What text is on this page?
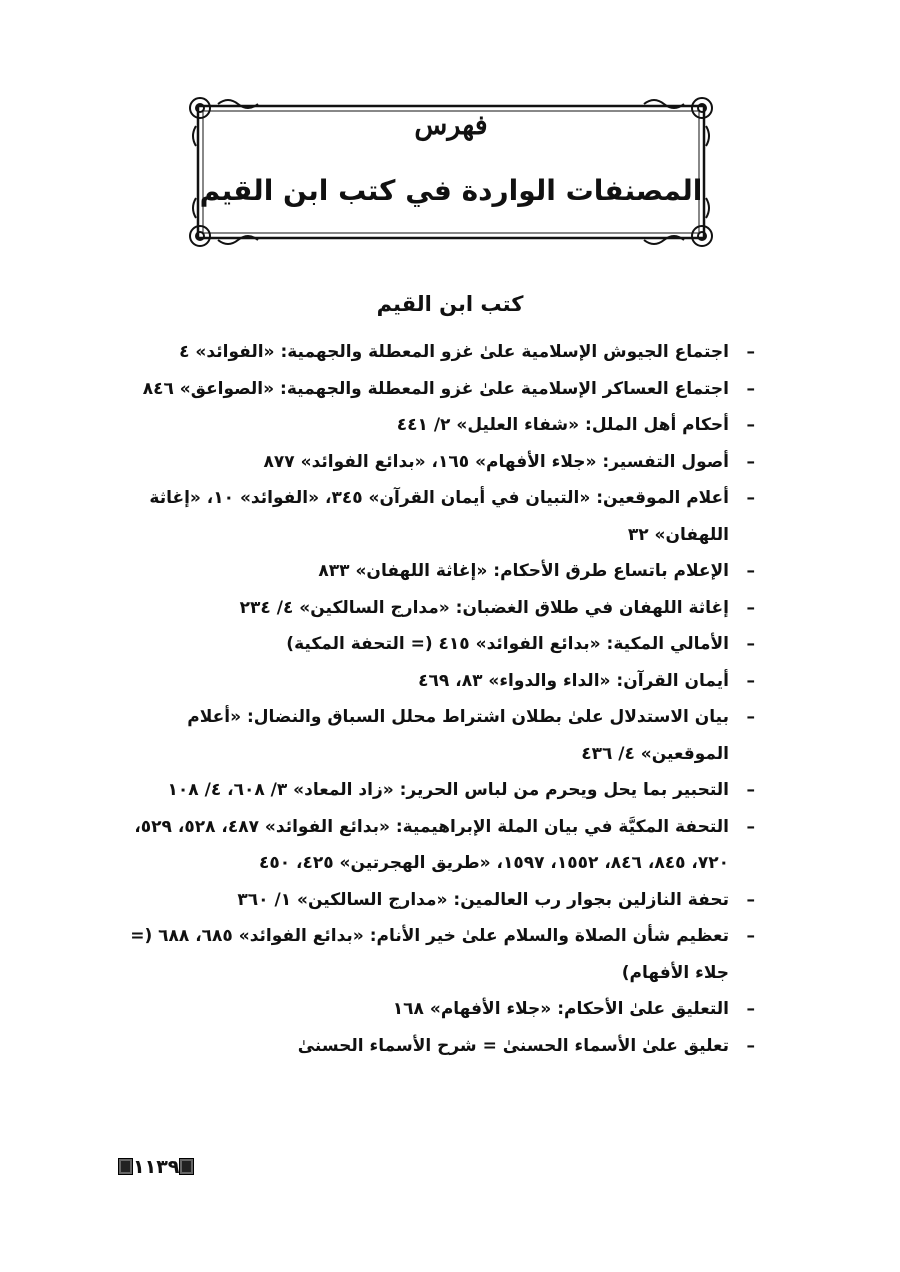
فهرس
المصنفات الواردة في كتب ابن القيم
كتب ابن القيم
–
اجتماع الجيوش الإسلامية علىٰ غزو المعطلة والجهمية: «الفوائد» ٤
–
اجتماع العساكر الإسلامية علىٰ غزو المعطلة والجهمية: «الصواعق» ٨٤٦
–
أحكام أهل الملل: «شفاء العليل» ٢/ ٤٤١
–
أصول التفسير: «جلاء الأفهام» ١٦٥، «بدائع الفوائد» ٨٧٧
–
أعلام الموقعين: «التبيان في أيمان القرآن» ٣٤٥، «الفوائد» ١٠، «إغاثة اللهفان» ٣٢
–
الإعلام باتساع طرق الأحكام: «إغاثة اللهفان» ٨٣٣
–
إغاثة اللهفان في طلاق الغضبان: «مدارج السالكين» ٤/ ٢٣٤
–
الأمالي المكية: «بدائع الفوائد» ٤١٥ (= التحفة المكية)
–
أيمان القرآن: «الداء والدواء» ٨٣، ٤٦٩
–
بيان الاستدلال علىٰ بطلان اشتراط محلل السباق والنضال: «أعلام الموقعين» ٤/ ٤٣٦
–
التحبير بما يحل ويحرم من لباس الحرير: «زاد المعاد» ٣/ ٦٠٨، ٤/ ١٠٨
–
التحفة المكيَّة في بيان الملة الإبراهيمية: «بدائع الفوائد» ٤٨٧، ٥٢٨، ٥٢٩، ٧٢٠، ٨٤٥، ٨٤٦، ١٥٥٢، ١٥٩٧، «طريق الهجرتين» ٤٢٥، ٤٥٠
–
تحفة النازلين بجوار رب العالمين: «مدارج السالكين» ١/ ٣٦٠
–
تعظيم شأن الصلاة والسلام علىٰ خير الأنام: «بدائع الفوائد» ٦٨٥، ٦٨٨ (= جلاء الأفهام)
–
التعليق علىٰ الأحكام: «جلاء الأفهام» ١٦٨
–
تعليق علىٰ الأسماء الحسنىٰ = شرح الأسماء الحسنىٰ
١١٣٩
